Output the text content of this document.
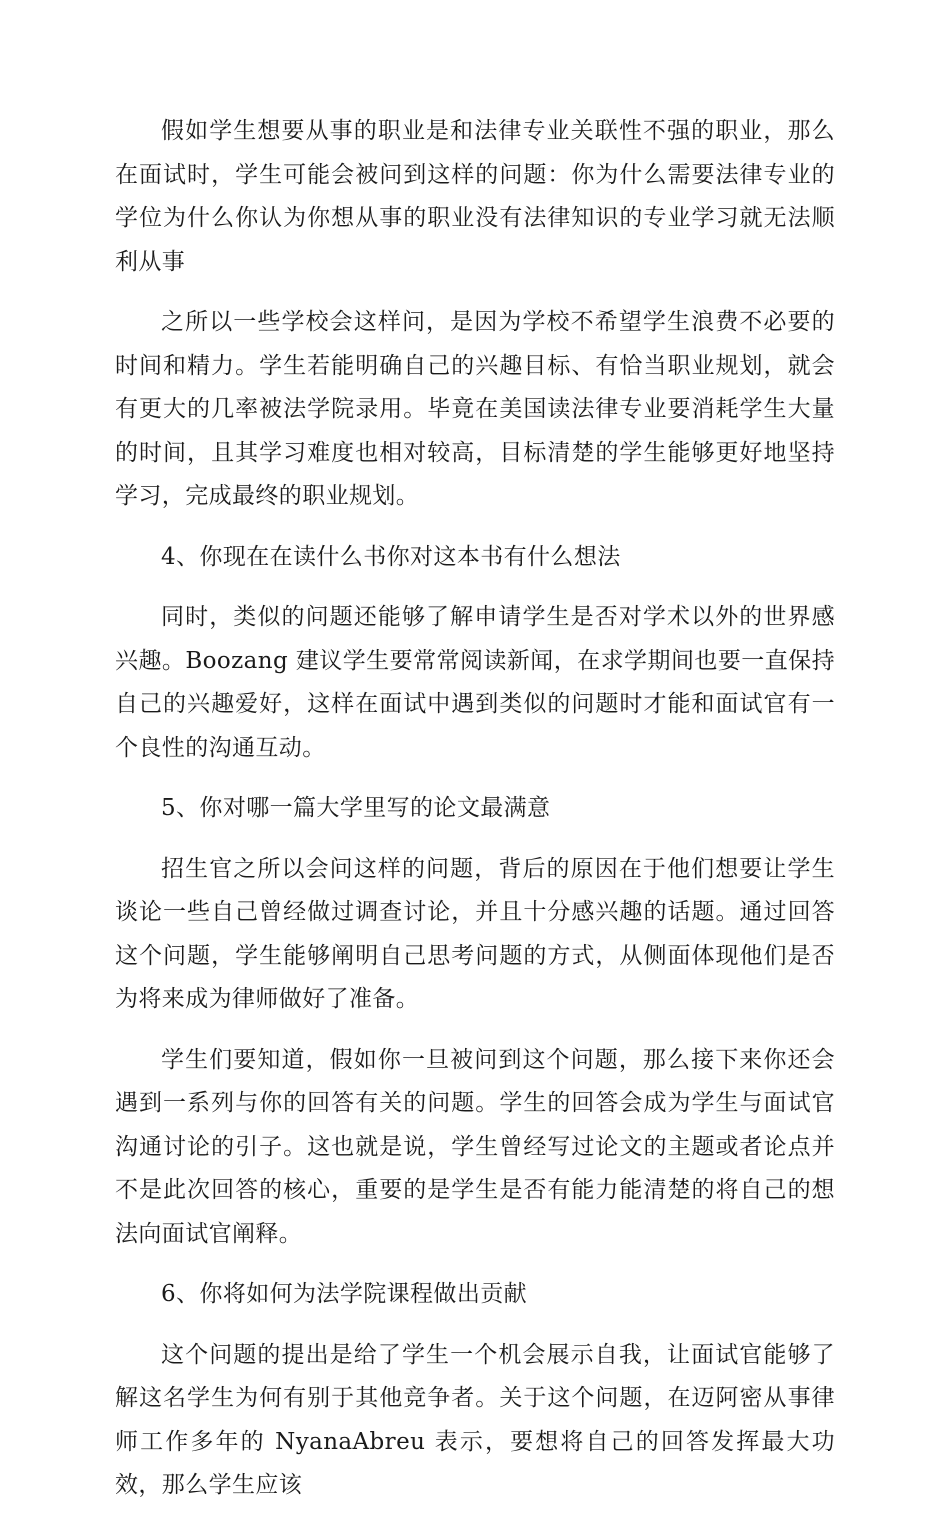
假如学生想要从事的职业是和法律专业关联性不强的职业，那么在面试时，学生可能会被问到这样的问题：你为什么需要法律专业的学位为什么你认为你想从事的职业没有法律知识的专业学习就无法顺利从事

之所以一些学校会这样问，是因为学校不希望学生浪费不必要的时间和精力。学生若能明确自己的兴趣目标、有恰当职业规划，就会有更大的几率被法学院录用。毕竟在美国读法律专业要消耗学生大量的时间，且其学习难度也相对较高，目标清楚的学生能够更好地坚持学习，完成最终的职业规划。

4、你现在在读什么书你对这本书有什么想法

同时，类似的问题还能够了解申请学生是否对学术以外的世界感兴趣。Boozang 建议学生要常常阅读新闻，在求学期间也要一直保持自己的兴趣爱好，这样在面试中遇到类似的问题时才能和面试官有一个良性的沟通互动。

5、你对哪一篇大学里写的论文最满意

招生官之所以会问这样的问题，背后的原因在于他们想要让学生谈论一些自己曾经做过调查讨论，并且十分感兴趣的话题。通过回答这个问题，学生能够阐明自己思考问题的方式，从侧面体现他们是否为将来成为律师做好了准备。

学生们要知道，假如你一旦被问到这个问题，那么接下来你还会遇到一系列与你的回答有关的问题。学生的回答会成为学生与面试官沟通讨论的引子。这也就是说，学生曾经写过论文的主题或者论点并不是此次回答的核心，重要的是学生是否有能力能清楚的将自己的想法向面试官阐释。

6、你将如何为法学院课程做出贡献

这个问题的提出是给了学生一个机会展示自我，让面试官能够了解这名学生为何有别于其他竞争者。关于这个问题，在迈阿密从事律师工作多年的 NyanaAbreu 表示，要想将自己的回答发挥最大功效，那么学生应该
